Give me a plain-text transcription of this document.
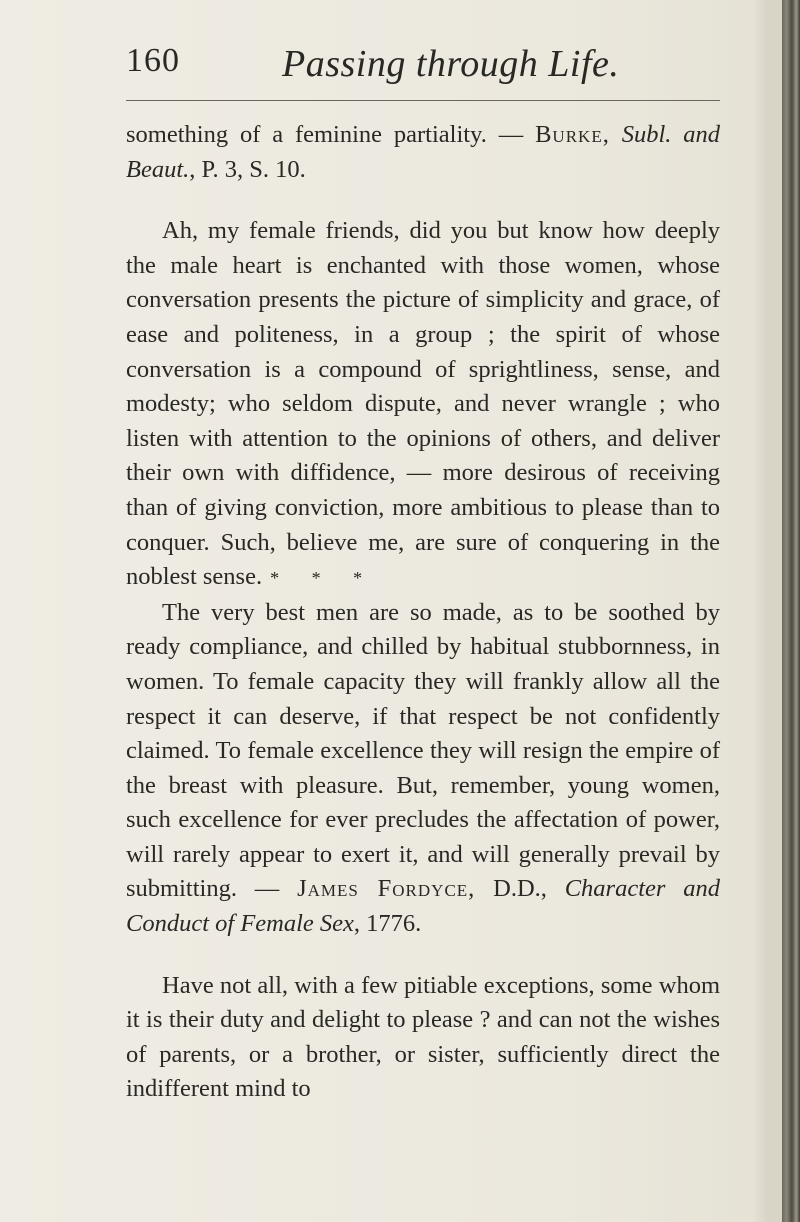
160	Passing through Life.

something of a feminine partiality. — Burke, Subl. and Beaut., P. 3, S. 10.

Ah, my female friends, did you but know how deeply the male heart is enchanted with those women, whose conversation presents the picture of simplicity and grace, of ease and politeness, in a group ; the spirit of whose conversation is a compound of sprightliness, sense, and modesty; who seldom dispute, and never wrangle ; who listen with attention to the opinions of others, and deliver their own with diffidence, — more desirous of receiving than of giving conviction, more ambitious to please than to conquer. Such, believe me, are sure of conquering in the noblest sense. * * *

The very best men are so made, as to be soothed by ready compliance, and chilled by habitual stubbornness, in women. To female capacity they will frankly allow all the respect it can deserve, if that respect be not confidently claimed. To female excellence they will resign the empire of the breast with pleasure. But, remember, young women, such excellence for ever precludes the affectation of power, will rarely appear to exert it, and will generally prevail by submitting. — James Fordyce, D.D., Character and Conduct of Female Sex, 1776.

Have not all, with a few pitiable exceptions, some whom it is their duty and delight to please ? and can not the wishes of parents, or a brother, or sister, sufficiently direct the indifferent mind to
